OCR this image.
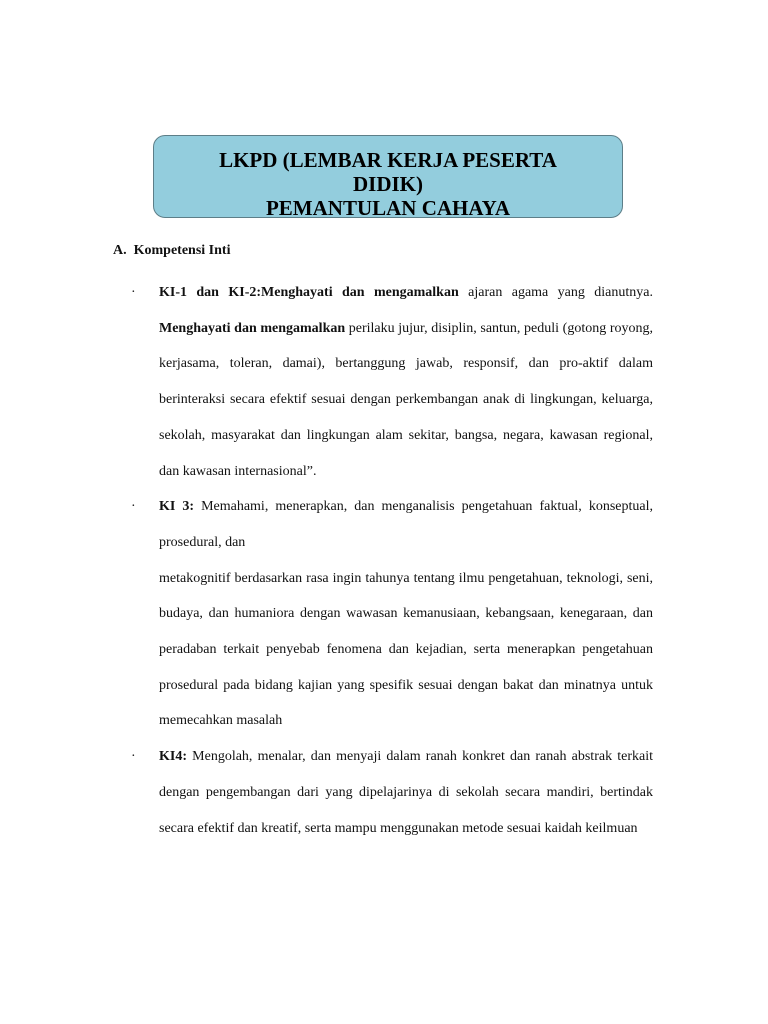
LKPD (LEMBAR KERJA PESERTA
DIDIK)
PEMANTULAN CAHAYA
A. Kompetensi Inti
· KI-1 dan KI-2:Menghayati dan mengamalkan ajaran agama yang dianutnya. Menghayati dan mengamalkan perilaku jujur, disiplin, santun, peduli (gotong royong, kerjasama, toleran, damai), bertanggung jawab, responsif, dan pro-aktif dalam berinteraksi secara efektif sesuai dengan perkembangan anak di lingkungan, keluarga, sekolah, masyarakat dan lingkungan alam sekitar, bangsa, negara, kawasan regional, dan kawasan internasional”.

· KI 3: Memahami, menerapkan, dan menganalisis pengetahuan faktual, konseptual, prosedural, dan

metakognitif berdasarkan rasa ingin tahunya tentang ilmu pengetahuan, teknologi, seni, budaya, dan humaniora dengan wawasan kemanusiaan, kebangsaan, kenegaraan, dan peradaban terkait penyebab fenomena dan kejadian, serta menerapkan pengetahuan prosedural pada bidang kajian yang spesifik sesuai dengan bakat dan minatnya untuk memecahkan masalah

· KI4: Mengolah, menalar, dan menyaji dalam ranah konkret dan ranah abstrak terkait dengan pengembangan dari yang dipelajarinya di sekolah secara mandiri, bertindak secara efektif dan kreatif, serta mampu menggunakan metode sesuai kaidah keilmuan
